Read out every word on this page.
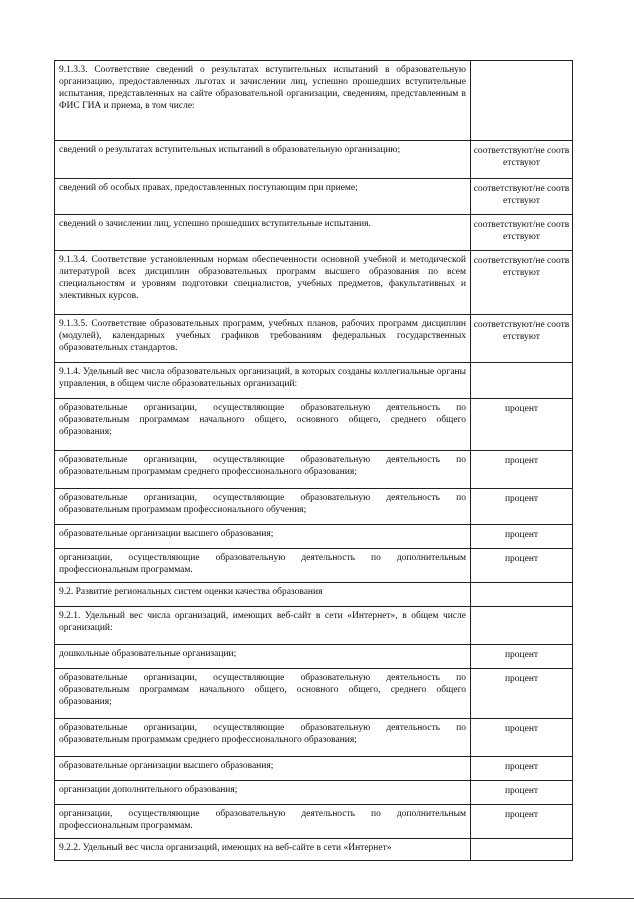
9.1.3.3. Соответствие сведений о результатах вступительных испытаний в образовательную организацию, предоставленных льготах и зачислении лиц, успешно прошедших вступительные испытания, представленных на сайте образовательной организации, сведениям, представленным в ФИС ГИА и приема, в том числе:	
сведений о результатах вступительных испытаний в образовательную организацию;	соответствуют/не соответствуют
сведений об особых правах, предоставленных поступающим при приеме;	соответствуют/не соответствуют
сведений о зачислении лиц, успешно прошедших вступительные испытания.	соответствуют/не соответствуют
9.1.3.4. Соответствие установленным нормам обеспеченности основной учебной и методической литературой всех дисциплин образовательных программ высшего образования по всем специальностям и уровням подготовки специалистов, учебных предметов, факультативных и элективных курсов.	соответствуют/не соответствуют
9.1.3.5. Соответствие образовательных программ, учебных планов, рабочих программ дисциплин (модулей), календарных учебных графиков требованиям федеральных государственных образовательных стандартов.	соответствуют/не соответствуют
9.1.4. Удельный вес числа образовательных организаций, в которых созданы коллегиальные органы управления, в общем числе образовательных организаций:	
образовательные организации, осуществляющие образовательную деятельность по образовательным программам начального общего, основного общего, среднего общего образования;	процент
образовательные организации, осуществляющие образовательную деятельность по образовательным программам среднего профессионального образования;	процент
образовательные организации, осуществляющие образовательную деятельность по образовательным программам профессионального обучения;	процент
образовательные организации высшего образования;	процент
организации, осуществляющие образовательную деятельность по дополнительным профессиональным программам.	процент
9.2. Развитие региональных систем оценки качества образования	
9.2.1. Удельный вес числа организаций, имеющих веб-сайт в сети «Интернет», в общем числе организаций:	
дошкольные образовательные организации;	процент
образовательные организации, осуществляющие образовательную деятельность по образовательным программам начального общего, основного общего, среднего общего образования;	процент
образовательные организации, осуществляющие образовательную деятельность по образовательным программам среднего профессионального образования;	процент
образовательные организации высшего образования;	процент
организации дополнительного образования;	процент
организации, осуществляющие образовательную деятельность по дополнительным профессиональным программам.	процент
9.2.2. Удельный вес числа организаций, имеющих на веб-сайте в сети «Интернет»	
